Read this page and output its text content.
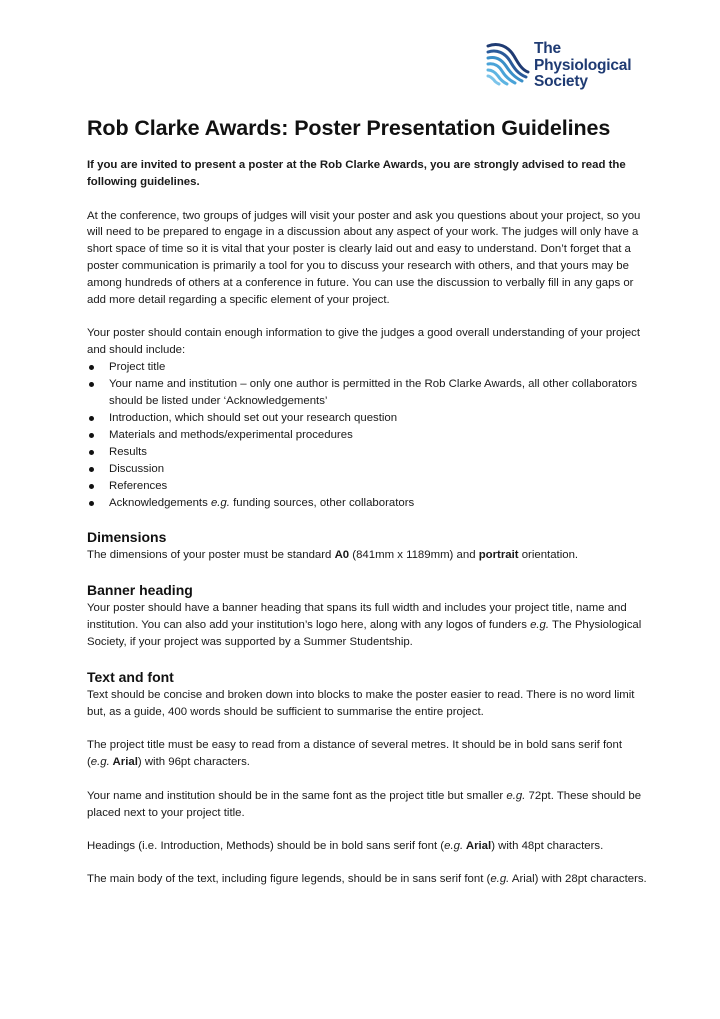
The
Physiological
Society
Rob Clarke Awards: Poster Presentation Guidelines

If you are invited to present a poster at the Rob Clarke Awards, you are strongly advised to read the following guidelines.

At the conference, two groups of judges will visit your poster and ask you questions about your project, so you will need to be prepared to engage in a discussion about any aspect of your work. The judges will only have a short space of time so it is vital that your poster is clearly laid out and easy to understand. Don’t forget that a poster communication is primarily a tool for you to discuss your research with others, and that yours may be among hundreds of others at a conference in future. You can use the discussion to verbally fill in any gaps or add more detail regarding a specific element of your project.

Your poster should contain enough information to give the judges a good overall understanding of your project and should include:

Project title
Your name and institution – only one author is permitted in the Rob Clarke Awards, all other collaborators should be listed under ‘Acknowledgements’
Introduction, which should set out your research question
Materials and methods/experimental procedures
Results
Discussion
References
Acknowledgements e.g. funding sources, other collaborators
Dimensions

The dimensions of your poster must be standard A0 (841mm x 1189mm) and portrait orientation.

Banner heading

Your poster should have a banner heading that spans its full width and includes your project title, name and institution. You can also add your institution’s logo here, along with any logos of funders e.g. The Physiological Society, if your project was supported by a Summer Studentship.

Text and font

Text should be concise and broken down into blocks to make the poster easier to read. There is no word limit but, as a guide, 400 words should be sufficient to summarise the entire project.

The project title must be easy to read from a distance of several metres. It should be in bold sans serif font (e.g. Arial) with 96pt characters.

Your name and institution should be in the same font as the project title but smaller e.g. 72pt. These should be placed next to your project title.

Headings (i.e. Introduction, Methods) should be in bold sans serif font (e.g. Arial) with 48pt characters.

The main body of the text, including figure legends, should be in sans serif font (e.g. Arial) with 28pt characters.
